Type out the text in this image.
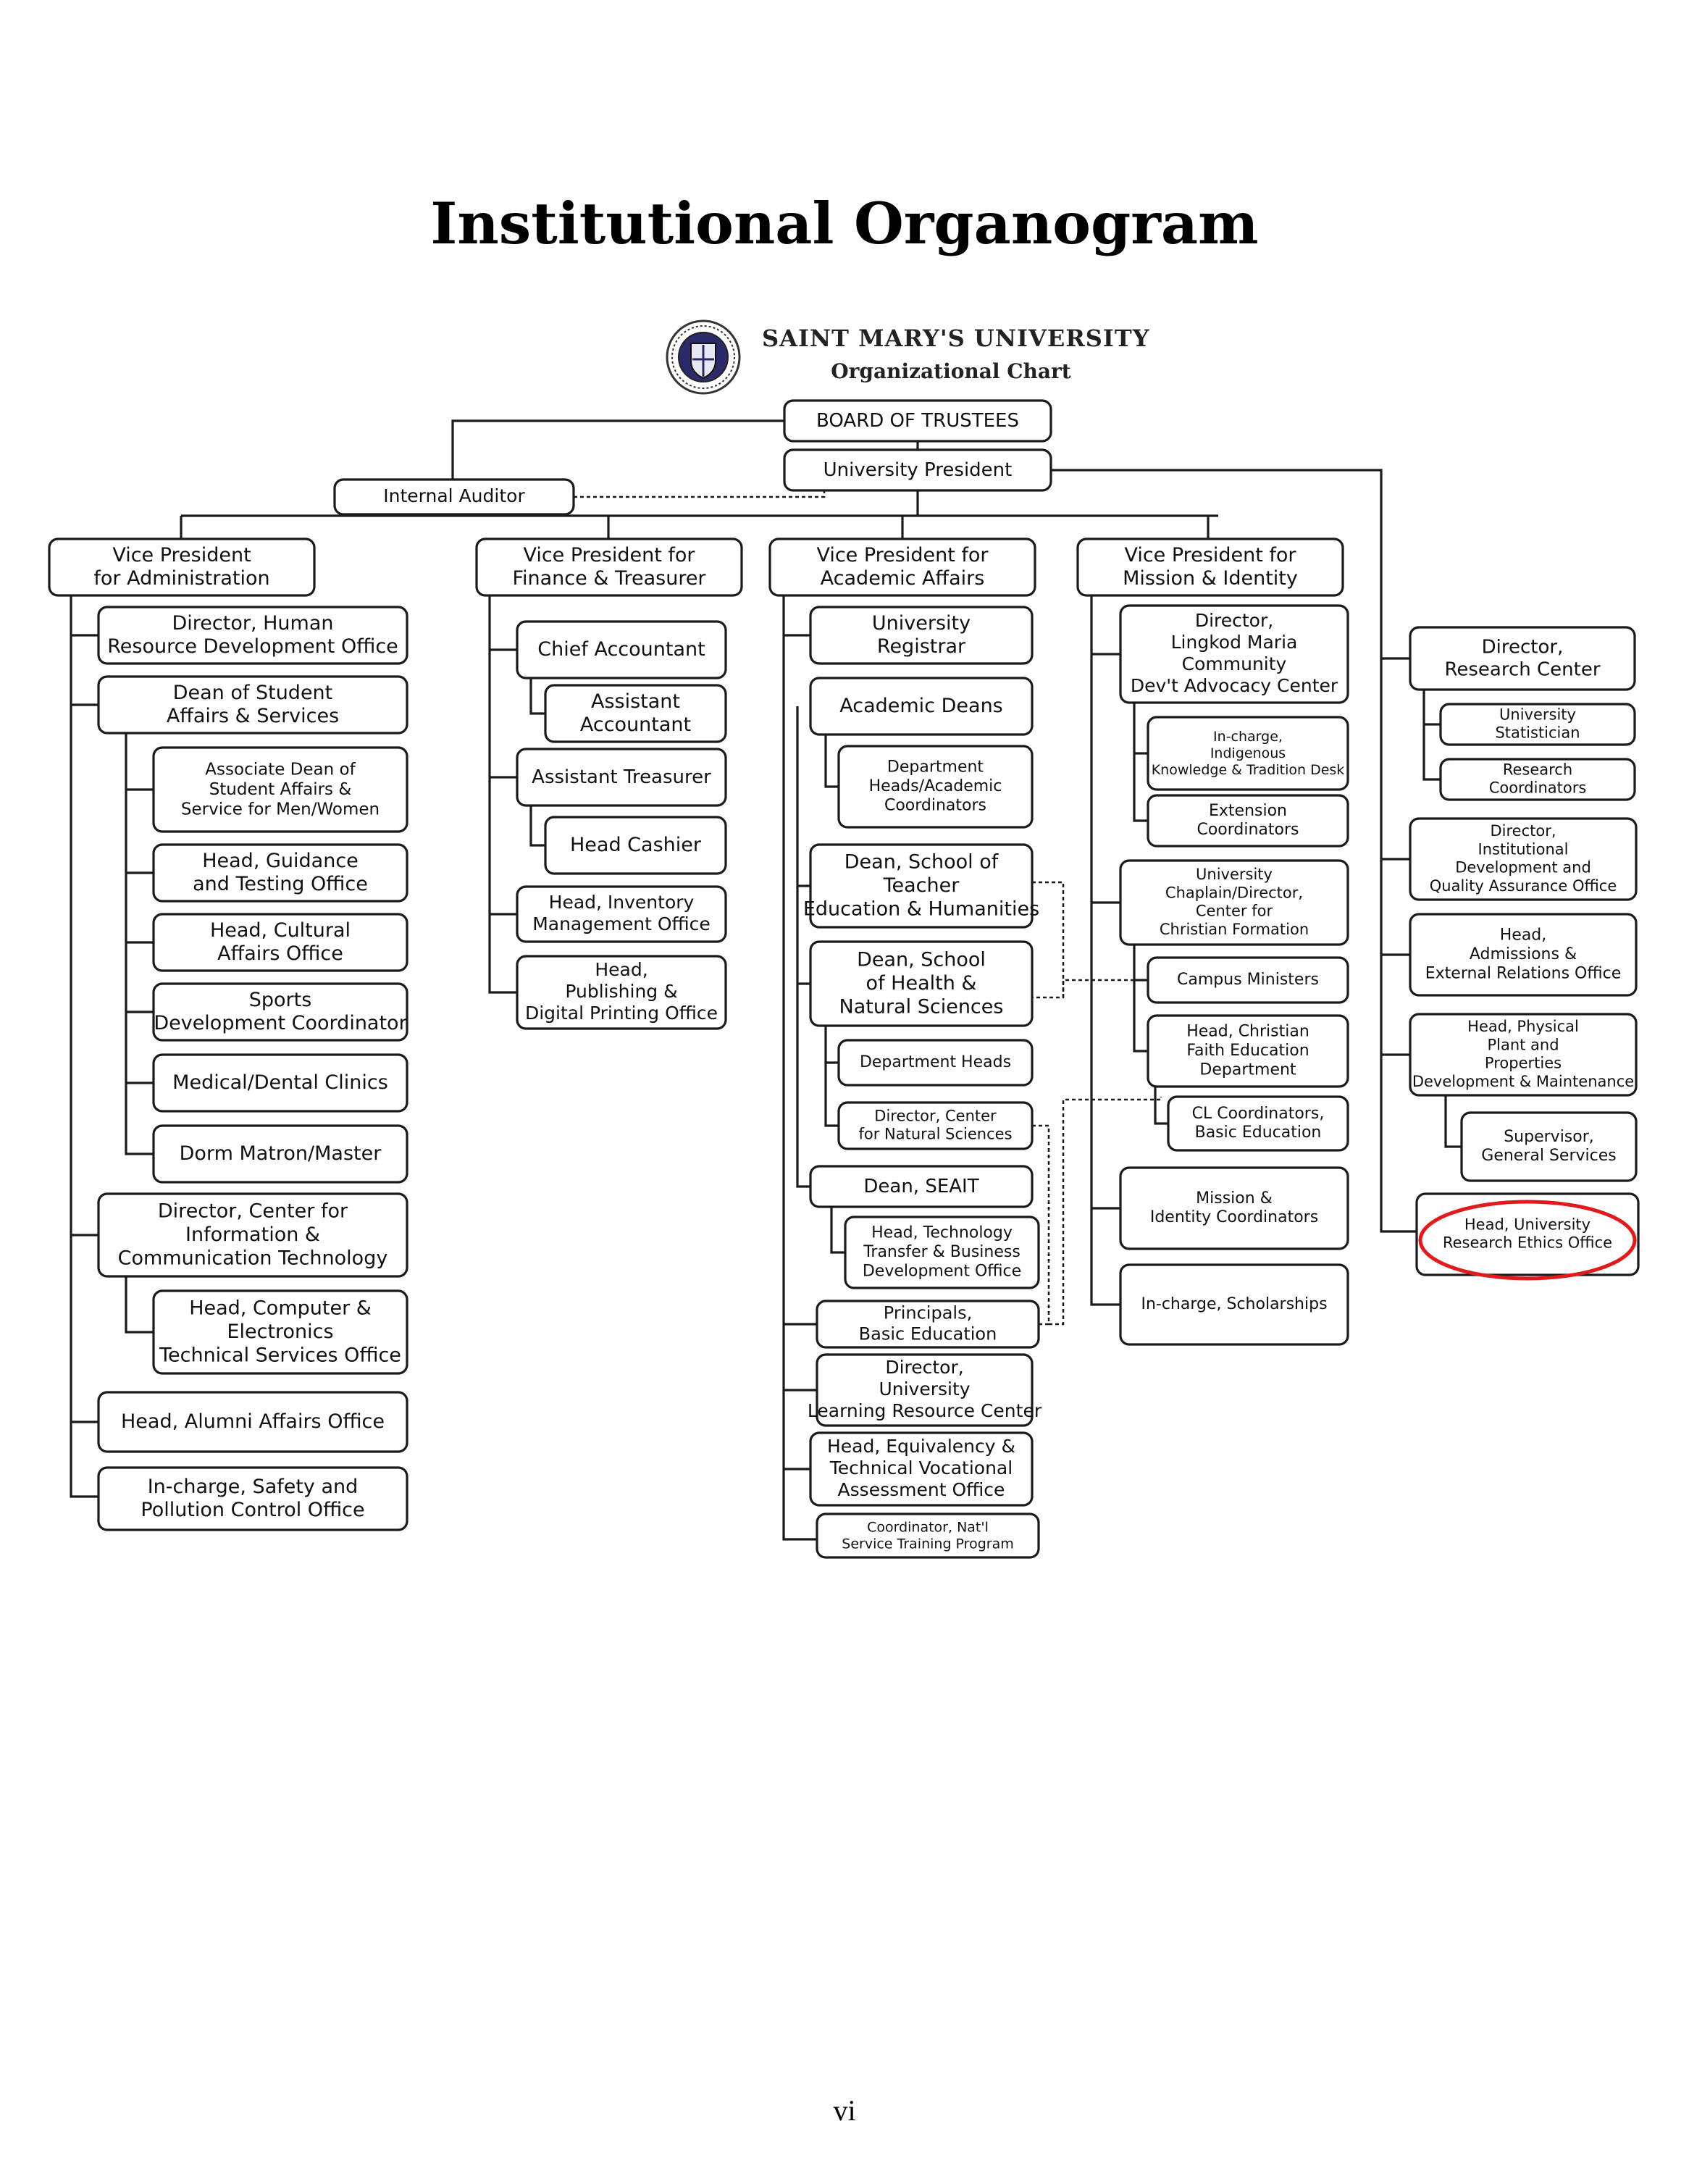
Institutional Organogram
SAINT MARY'S UNIVERSITY
Organizational Chart
BOARD OF TRUSTEES
University President
Internal Auditor
Vice President for Administration
Vice President for Finance & Treasurer
Vice President for Academic Affairs
Vice President for Mission & Identity
Director, Human Resource Development Office
Dean of Student Affairs & Services
Associate Dean of Student Affairs & Service for Men/Women
Head, Guidance and Testing Office
Head, Cultural Affairs Office
Sports Development Coordinator
Medical/Dental Clinics
Dorm Matron/Master
Director, Center for Information & Communication Technology
Head, Computer & Electronics Technical Services Office
Head, Alumni Affairs Office
In-charge, Safety and Pollution Control Office
Chief Accountant
Assistant Accountant
Assistant Treasurer
Head Cashier
Head, Inventory Management Office
Head, Publishing & Digital Printing Office
University Registrar
Academic Deans
Department Heads/Academic Coordinators
Dean, School of Teacher Education & Humanities
Dean, School of Health & Natural Sciences
Department Heads
Director, Center for Natural Sciences
Dean, SEAIT
Head, Technology Transfer & Business Development Office
Principals, Basic Education
Director, University Learning Resource Center
Head, Equivalency & Technical Vocational Assessment Office
Coordinator, Nat'l Service Training Program
Director, Lingkod Maria Community Dev't Advocacy Center
In-charge, Indigenous Knowledge & Tradition Desk
Extension Coordinators
University Chaplain/Director, Center for Christian Formation
Campus Ministers
Head, Christian Faith Education Department
CL Coordinators, Basic Education
Mission & Identity Coordinators
In-charge, Scholarships
Director, Research Center
University Statistician
Research Coordinators
Director, Institutional Development and Quality Assurance Office
Head, Admissions & External Relations Office
Head, Physical Plant and Properties Development & Maintenance
Supervisor, General Services
Head, University Research Ethics Office
vi
